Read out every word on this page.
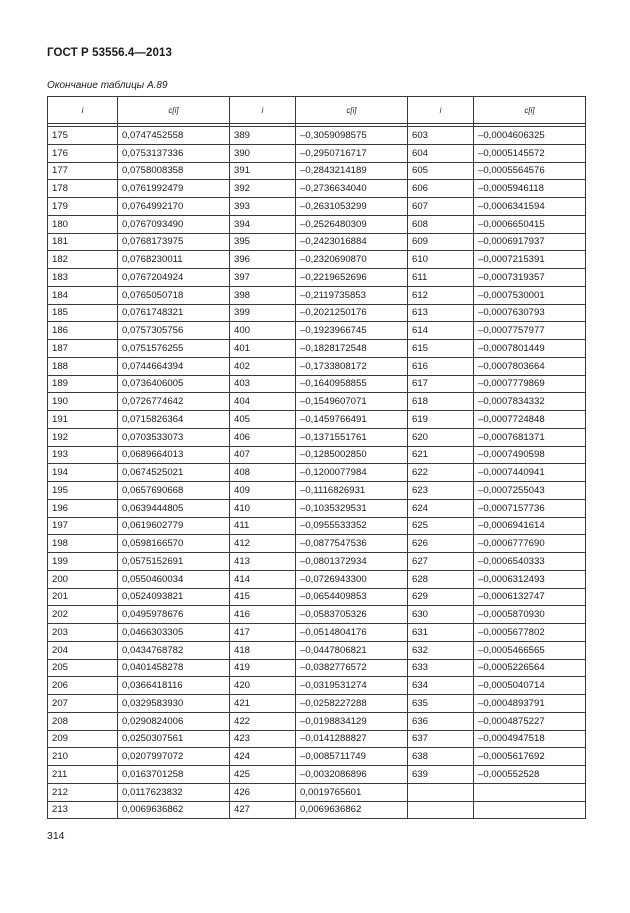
ГОСТ Р 53556.4—2013
Окончание таблицы А.89
i	c[i]	i	c[i]	i	c[i]

175	0,0747452558	389	–0,3059098575	603	–0,0004606325
176	0,0753137336	390	–0,2950716717	604	–0,0005145572
177	0,0758008358	391	–0,2843214189	605	–0,0005564576
178	0,0761992479	392	–0,2736634040	606	–0,0005946118
179	0,0764992170	393	–0,2631053299	607	–0,0006341594
180	0,0767093490	394	–0,2526480309	608	–0,0006650415
181	0,0768173975	395	–0,2423016884	609	–0,0006917937
182	0,0768230011	396	–0,2320690870	610	–0,0007215391
183	0,0767204924	397	–0,2219652696	611	–0,0007319357
184	0,0765050718	398	–0,2119735853	612	–0,0007530001
185	0,0761748321	399	–0,2021250176	613	–0,0007630793
186	0,0757305756	400	–0,1923966745	614	–0,0007757977
187	0,0751576255	401	–0,1828172548	615	–0,0007801449
188	0,0744664394	402	–0,1733808172	616	–0,0007803664
189	0,0736406005	403	–0,1640958855	617	–0,0007779869
190	0,0726774642	404	–0,1549607071	618	–0,0007834332
191	0,0715826364	405	–0,1459766491	619	–0,0007724848
192	0,0703533073	406	–0,1371551761	620	–0,0007681371
193	0,0689664013	407	–0,1285002850	621	–0,0007490598
194	0,0674525021	408	–0,1200077984	622	–0,0007440941
195	0,0657690668	409	–0,1116826931	623	–0,0007255043
196	0,0639444805	410	–0,1035329531	624	–0,0007157736
197	0,0619602779	411	–0,0955533352	625	–0,0006941614
198	0,0598166570	412	–0,0877547536	626	–0,0006777690
199	0,0575152691	413	–0,0801372934	627	–0,0006540333
200	0,0550460034	414	–0,0726943300	628	–0,0006312493
201	0,0524093821	415	–0,0654409853	629	–0,0006132747
202	0,0495978676	416	–0,0583705326	630	–0,0005870930
203	0,0466303305	417	–0,0514804176	631	–0,0005677802
204	0,0434768782	418	–0,0447806821	632	–0,0005466565
205	0,0401458278	419	–0,0382776572	633	–0,0005226564
206	0,0366418116	420	–0,0319531274	634	–0,0005040714
207	0,0329583930	421	–0,0258227288	635	–0,0004893791
208	0,0290824006	422	–0,0198834129	636	–0,0004875227
209	0,0250307561	423	–0,0141288827	637	–0,0004947518
210	0,0207997072	424	–0,0085711749	638	–0,0005617692
211	0,0163701258	425	–0,0032086896	639	–0,000552528
212	0,0117623832	426	0,0019765601		
213	0,0069636862	427	0,0069636862		
314
